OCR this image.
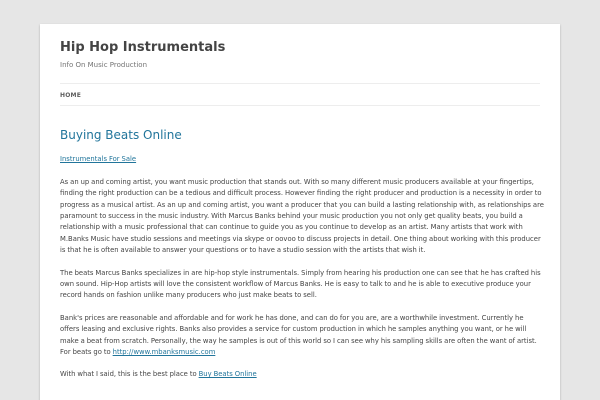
Hip Hop Instrumentals

Info On Music Production

HOME
Buying Beats Online

Instrumentals For Sale

As an up and coming artist, you want music production that stands out. With so many different music producers available at your fingertips, finding the right production can be a tedious and difficult process. However finding the right producer and production is a necessity in order to progress as a musical artist. As an up and coming artist, you want a producer that you can build a lasting relationship with, as relationships are paramount to success in the music industry. With Marcus Banks behind your music production you not only get quality beats, you build a relationship with a music professional that can continue to guide you as you continue to develop as an artist. Many artists that work with M.Banks Music have studio sessions and meetings via skype or oovoo to discuss projects in detail. One thing about working with this producer is that he is often available to answer your questions or to have a studio session with the artists that wish it.

The beats Marcus Banks specializes in are hip-hop style instrumentals. Simply from hearing his production one can see that he has crafted his own sound. Hip-Hop artists will love the consistent workflow of Marcus Banks. He is easy to talk to and he is able to executive produce your record hands on fashion unlike many producers who just make beats to sell.

Bank's prices are reasonable and affordable and for work he has done, and can do for you are, are a worthwhile investment. Currently he offers leasing and exclusive rights. Banks also provides a service for custom production in which he samples anything you want, or he will make a beat from scratch. Personally, the way he samples is out of this world so I can see why his sampling skills are often the want of artist.
For beats go to http://www.mbanksmusic.com

With what I said, this is the best place to Buy Beats Online
